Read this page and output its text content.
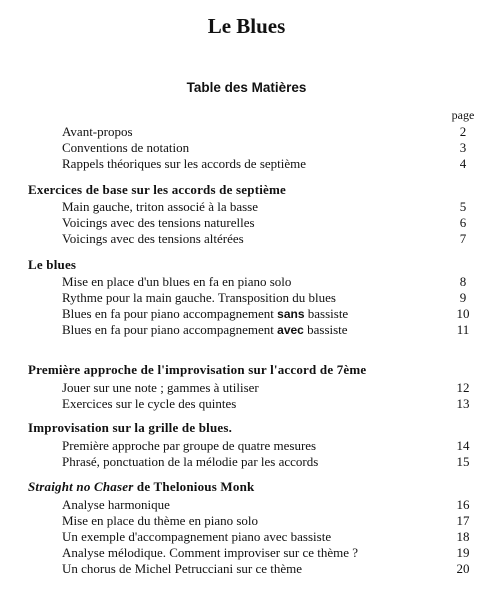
Le Blues
Table des Matières
page
Avant-propos	2
Conventions de notation	3
Rappels théoriques sur les accords de septième	4
Exercices de base sur les accords de septième
Main gauche, triton associé à la basse	5
Voicings avec des tensions naturelles	6
Voicings avec des tensions altérées	7
Le blues
Mise en place d'un blues en fa en piano solo	8
Rythme pour la main gauche. Transposition du blues	9
Blues en fa pour piano accompagnement sans bassiste	10
Blues en fa pour piano accompagnement avec bassiste	11
Première approche de l'improvisation sur l'accord de 7ème
Jouer sur une note ; gammes à utiliser	12
Exercices sur le cycle des quintes	13
Improvisation sur la grille de blues.
Première approche par groupe de quatre mesures	14
Phrasé, ponctuation de la mélodie par les accords	15
Straight no Chaser de Thelonious Monk
Analyse harmonique	16
Mise en place du thème en piano solo	17
Un exemple d'accompagnement piano avec bassiste	18
Analyse mélodique. Comment improviser sur ce thème ?	19
Un chorus de Michel Petrucciani sur ce thème	20
